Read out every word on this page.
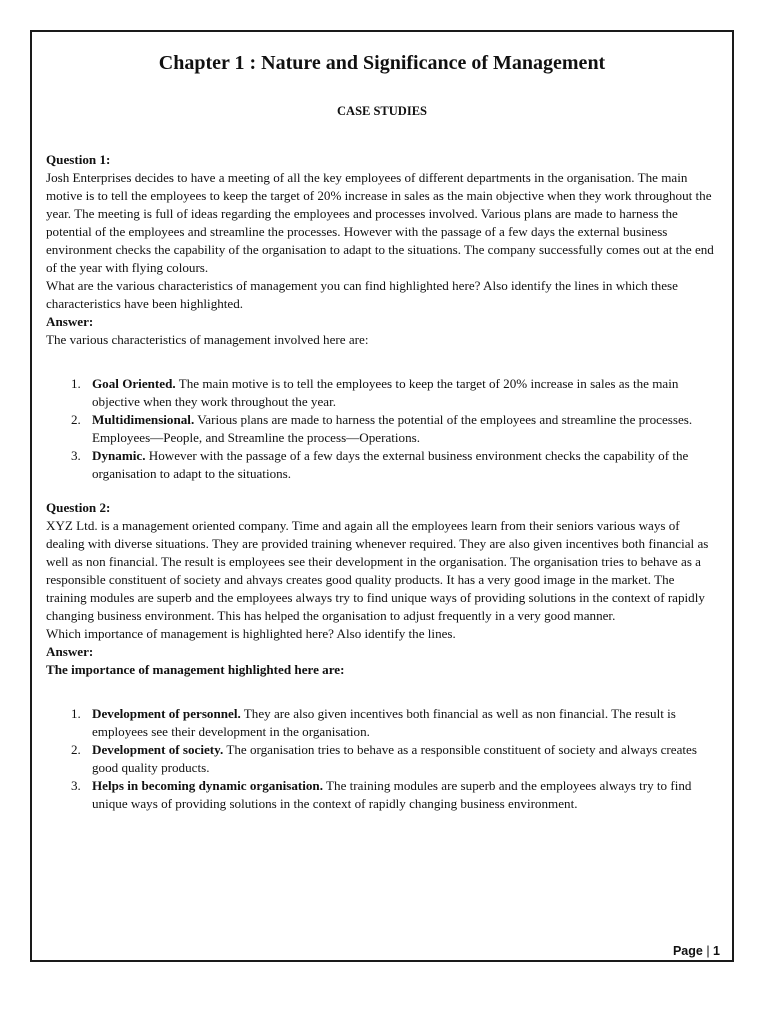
Chapter 1 : Nature and Significance of Management
CASE STUDIES
Question 1:

Josh Enterprises decides to have a meeting of all the key employees of different departments in the organisation. The main motive is to tell the employees to keep the target of 20% increase in sales as the main objective when they work throughout the year. The meeting is full of ideas regarding the employees and processes involved. Various plans are made to harness the potential of the employees and streamline the processes. However with the passage of a few days the external business environment checks the capability of the organisation to adapt to the situations. The company successfully comes out at the end of the year with flying colours.

What are the various characteristics of management you can find highlighted here? Also identify the lines in which these characteristics have been highlighted.

Answer:

The various characteristics of management involved here are:

1. Goal Oriented. The main motive is to tell the employees to keep the target of 20% increase in sales as the main objective when they work throughout the year.
2. Multidimensional. Various plans are made to harness the potential of the employees and streamline the processes. Employees—People, and Streamline the process—Operations.
3. Dynamic. However with the passage of a few days the external business environment checks the capability of the organisation to adapt to the situations.
Question 2:

XYZ Ltd. is a management oriented company. Time and again all the employees learn from their seniors various ways of dealing with diverse situations. They are provided training whenever required. They are also given incentives both financial as well as non financial. The result is employees see their development in the organisation. The organisation tries to behave as a responsible constituent of society and ahvays creates good quality products. It has a very good image in the market. The training modules are superb and the employees always try to find unique ways of providing solutions in the context of rapidly changing business environment. This has helped the organisation to adjust frequently in a very good manner.

Which importance of management is highlighted here? Also identify the lines.

Answer:

The importance of management highlighted here are:

1. Development of personnel. They are also given incentives both financial as well as non financial. The result is employees see their development in the organisation.
2. Development of society. The organisation tries to behave as a responsible constituent of society and always creates good quality products.
3. Helps in becoming dynamic organisation. The training modules are superb and the employees always try to find unique ways of providing solutions in the context of rapidly changing business environment.
Page | 1
